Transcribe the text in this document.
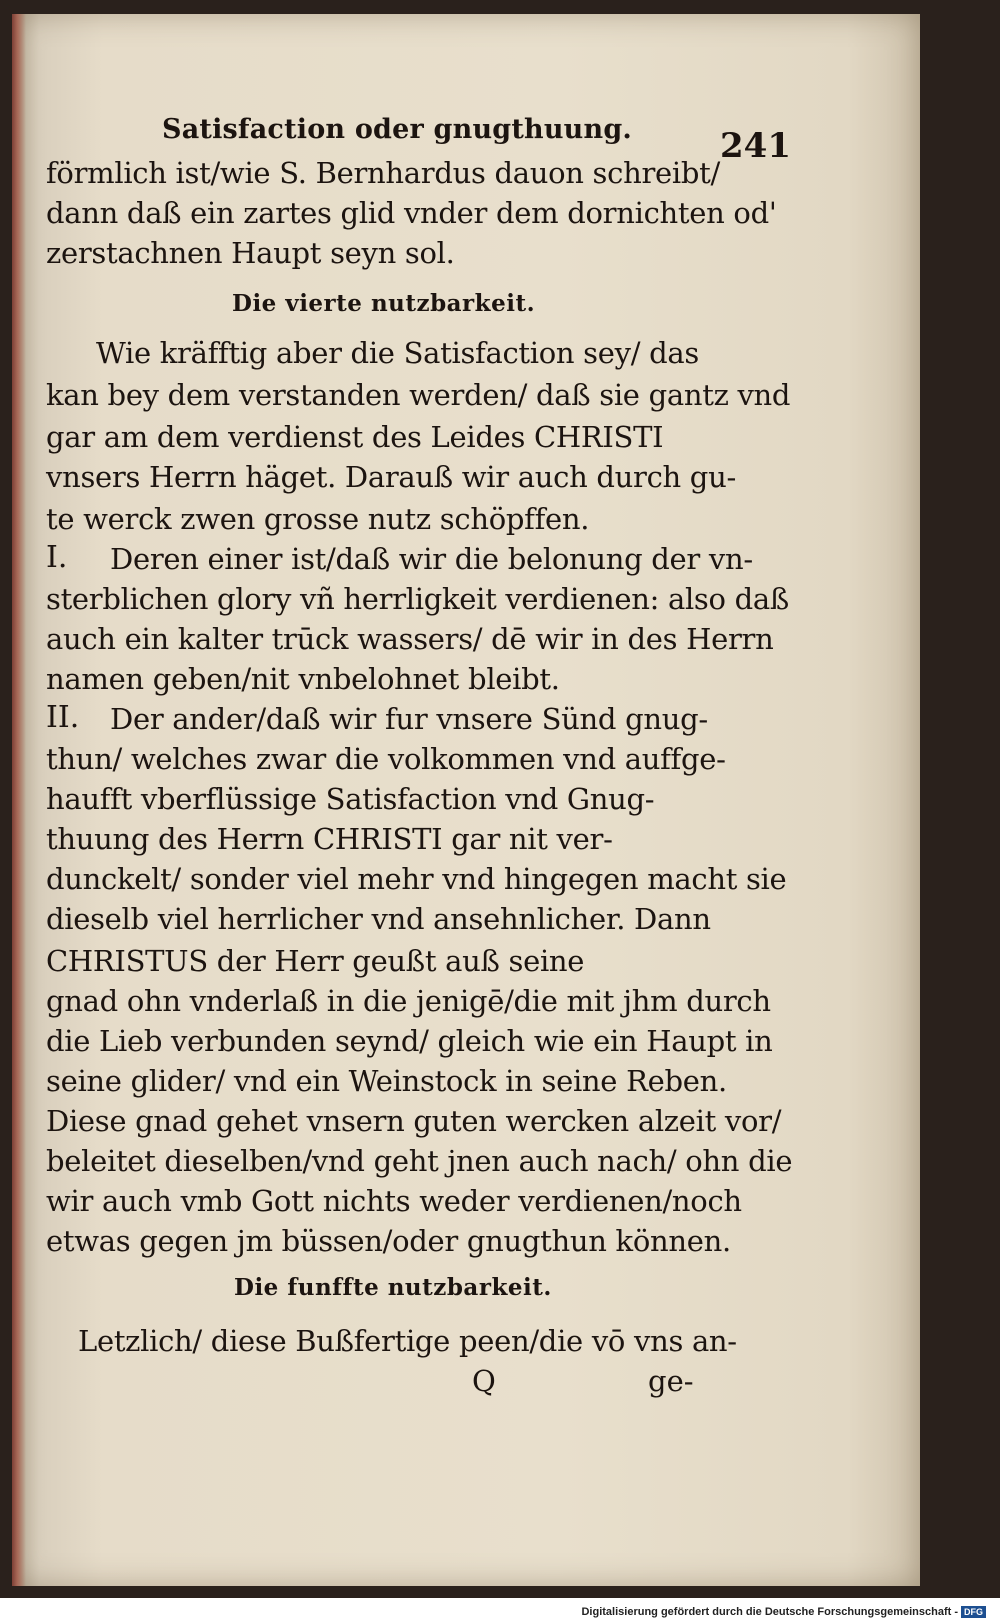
Satisfaction oder gnugthuung.	241
förmlich ist/wie S. Bernhardus dauon schreibt/
dann daß ein zartes glid vnder dem dornichten od'
zerstachnen Haupt seyn sol.
Die vierte nutzbarkeit.
Wie kräfftig aber die Satisfaction sey/ das
kan bey dem verstanden werden/ daß sie gantz vnd
gar am dem verdienst des Leides CHRISTI
vnsers Herrn häget. Darauß wir auch durch gu-
te werck zwen grosse nutz schöpffen.
I. Deren einer ist/daß wir die belonung der vn-
sterblichen glory vñ herrligkeit verdienen: also daß
auch ein kalter trūck wassers/ dē wir in des Herrn
namen geben/nit vnbelohnet bleibt.
II. Der ander/daß wir fur vnsere Sünd gnug-
thun/ welches zwar die volkommen vnd auffge-
haufft vberflüssige Satisfaction vnd Gnug-
thuung des Herrn CHRISTI gar nit ver-
dunckelt/ sonder viel mehr vnd hingegen macht sie
dieselb viel herrlicher vnd ansehnlicher. Dann
CHRISTUS der Herr geußt auß seine
gnad ohn vnderlaß in die jenigē/die mit jhm durch
die Lieb verbunden seynd/ gleich wie ein Haupt in
seine glider/ vnd ein Weinstock in seine Reben.
Diese gnad gehet vnsern guten wercken alzeit vor/
beleitet dieselben/vnd geht jnen auch nach/ ohn die
wir auch vmb Gott nichts weder verdienen/noch
etwas gegen jm büssen/oder gnugthun können.
Die funffte nutzbarkeit.
Letzlich/ diese Bußfertige peen/die vō vns an-
Q	ge-
Digitalisierung gefördert durch die Deutsche Forschungsgemeinschaft - DFG
